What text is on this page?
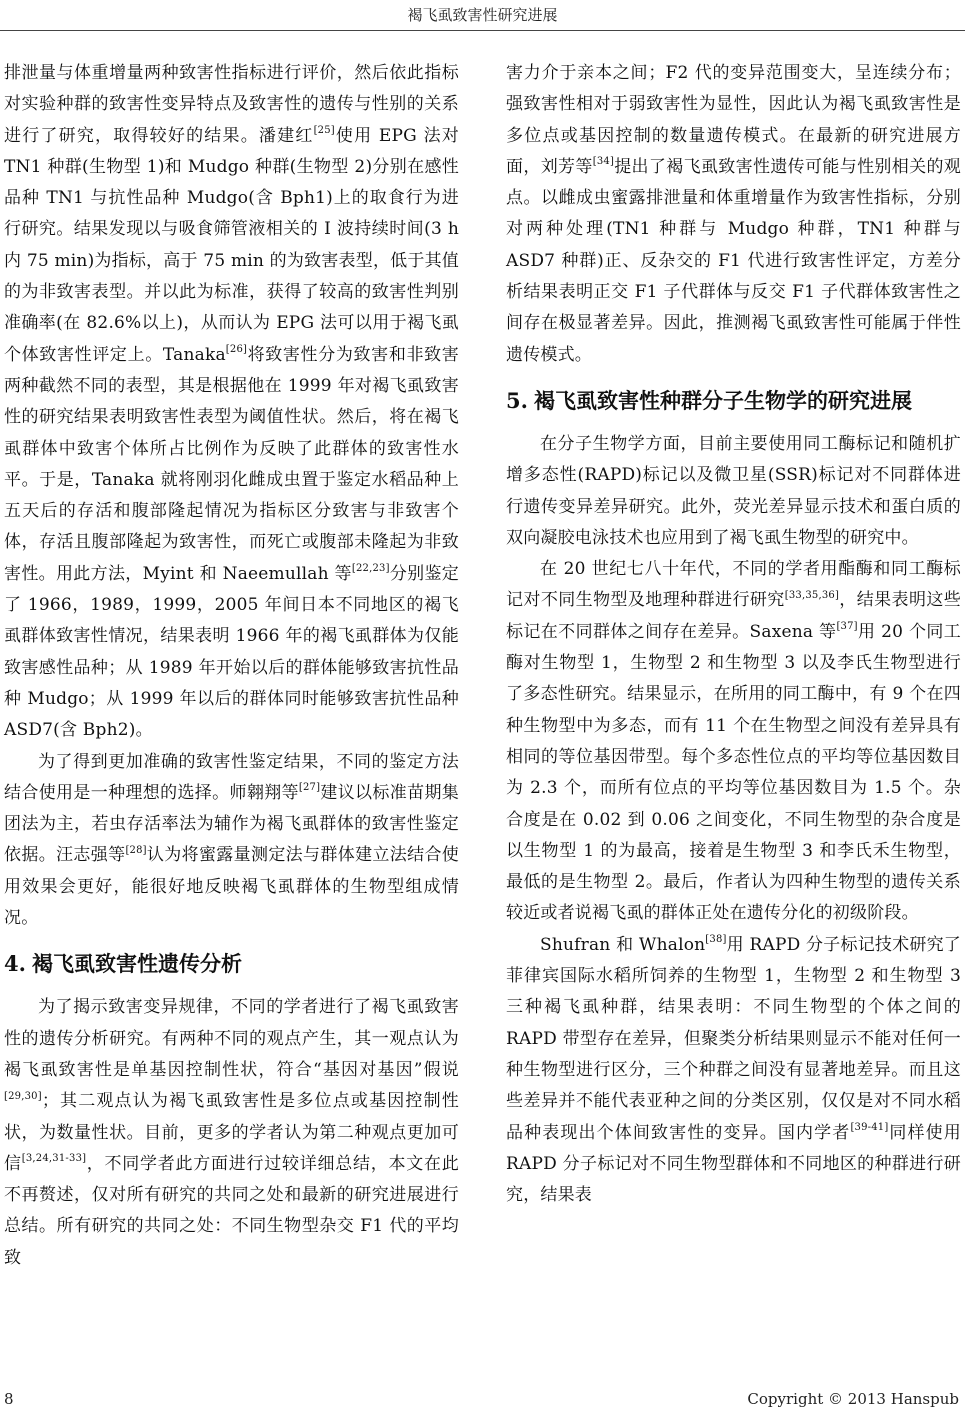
褐飞虱致害性研究进展

排泄量与体重增量两种致害性指标进行评价，然后依此指标对实验种群的致害性变异特点及致害性的遗传与性别的关系进行了研究，取得较好的结果。潘建红[25]使用 EPG 法对 TN1 种群(生物型 1)和 Mudgo 种群(生物型 2)分别在感性品种 TN1 与抗性品种 Mudgo(含 Bph1)上的取食行为进行研究。结果发现以与吸食筛管液相关的 I 波持续时间(3 h 内 75 min)为指标，高于 75 min 的为致害表型，低于其值的为非致害表型。并以此为标准，获得了较高的致害性判别准确率(在 82.6%以上)，从而认为 EPG 法可以用于褐飞虱个体致害性评定上。Tanaka[26]将致害性分为致害和非致害两种截然不同的表型，其是根据他在 1999 年对褐飞虱致害性的研究结果表明致害性表型为阈值性状。然后，将在褐飞虱群体中致害个体所占比例作为反映了此群体的致害性水平。于是，Tanaka 就将刚羽化雌成虫置于鉴定水稻品种上五天后的存活和腹部隆起情况为指标区分致害与非致害个体，存活且腹部隆起为致害性，而死亡或腹部未隆起为非致害性。用此方法，Myint 和 Naeemullah 等[22,23]分别鉴定了 1966，1989，1999，2005 年间日本不同地区的褐飞虱群体致害性情况，结果表明 1966 年的褐飞虱群体为仅能致害感性品种；从 1989 年开始以后的群体能够致害抗性品种 Mudgo；从 1999 年以后的群体同时能够致害抗性品种 ASD7(含 Bph2)。

为了得到更加准确的致害性鉴定结果，不同的鉴定方法结合使用是一种理想的选择。师翱翔等[27]建议以标准苗期集团法为主，若虫存活率法为辅作为褐飞虱群体的致害性鉴定依据。汪志强等[28]认为将蜜露量测定法与群体建立法结合使用效果会更好，能很好地反映褐飞虱群体的生物型组成情况。

4. 褐飞虱致害性遗传分析

为了揭示致害变异规律，不同的学者进行了褐飞虱致害性的遗传分析研究。有两种不同的观点产生，其一观点认为褐飞虱致害性是单基因控制性状，符合“基因对基因”假说[29,30]；其二观点认为褐飞虱致害性是多位点或基因控制性状，为数量性状。目前，更多的学者认为第二种观点更加可信[3,24,31-33]，不同学者此方面进行过较详细总结，本文在此不再赘述，仅对所有研究的共同之处和最新的研究进展进行总结。所有研究的共同之处：不同生物型杂交 F1 代的平均致

害力介于亲本之间；F2 代的变异范围变大，呈连续分布；强致害性相对于弱致害性为显性，因此认为褐飞虱致害性是多位点或基因控制的数量遗传模式。在最新的研究进展方面，刘芳等[34]提出了褐飞虱致害性遗传可能与性别相关的观点。以雌成虫蜜露排泄量和体重增量作为致害性指标，分别对两种处理(TN1 种群与 Mudgo 种群，TN1 种群与 ASD7 种群)正、反杂交的 F1 代进行致害性评定，方差分析结果表明正交 F1 子代群体与反交 F1 子代群体致害性之间存在极显著差异。因此，推测褐飞虱致害性可能属于伴性遗传模式。

5. 褐飞虱致害性种群分子生物学的研究进展

在分子生物学方面，目前主要使用同工酶标记和随机扩增多态性(RAPD)标记以及微卫星(SSR)标记对不同群体进行遗传变异差异研究。此外，荧光差异显示技术和蛋白质的双向凝胶电泳技术也应用到了褐飞虱生物型的研究中。

在 20 世纪七八十年代，不同的学者用酯酶和同工酶标记对不同生物型及地理种群进行研究[33,35,36]，结果表明这些标记在不同群体之间存在差异。Saxena 等[37]用 20 个同工酶对生物型 1，生物型 2 和生物型 3 以及李氏生物型进行了多态性研究。结果显示，在所用的同工酶中，有 9 个在四种生物型中为多态，而有 11 个在生物型之间没有差异具有相同的等位基因带型。每个多态性位点的平均等位基因数目为 2.3 个，而所有位点的平均等位基因数目为 1.5 个。杂合度是在 0.02 到 0.06 之间变化，不同生物型的杂合度是以生物型 1 的为最高，接着是生物型 3 和李氏禾生物型，最低的是生物型 2。最后，作者认为四种生物型的遗传关系较近或者说褐飞虱的群体正处在遗传分化的初级阶段。

Shufran 和 Whalon[38]用 RAPD 分子标记技术研究了菲律宾国际水稻所饲养的生物型 1，生物型 2 和生物型 3 三种褐飞虱种群，结果表明：不同生物型的个体之间的 RAPD 带型存在差异，但聚类分析结果则显示不能对任何一种生物型进行区分，三个种群之间没有显著地差异。而且这些差异并不能代表亚种之间的分类区别，仅仅是对不同水稻品种表现出个体间致害性的变异。国内学者[39-41]同样使用 RAPD 分子标记对不同生物型群体和不同地区的种群进行研究，结果表

8	Copyright © 2013 Hanspub
